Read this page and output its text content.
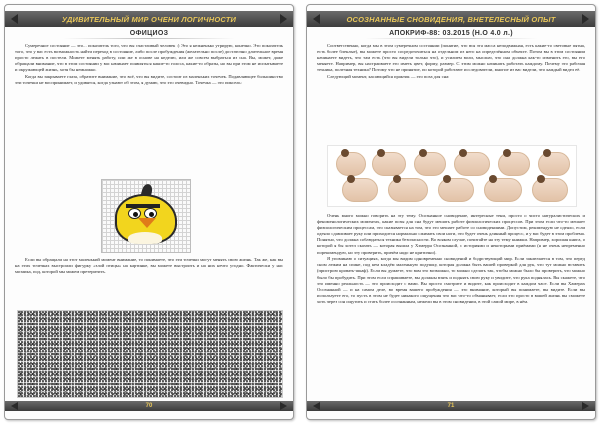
УДИВИТЕЛЬНЫЙ МИР ОЧЕНИ ЛОГИЧНОСТИ
ОФИЦИОЗ

Сумеречное состояние — это... показатель того, что вы счастливый человек :) Это я нежненько утрирую, конечно. Это показатель того, что у вас есть возможность найти переход в состояние, либо после пробуждения (желательно после) достаточно длительное время просто лежать в постели. Можете менять работу, или же в основе на неделю, или же совсем выбраться из сна. Вы, может, даже обращали внимание, что в этом состоянии у вас начинает появляться какие-то голоса, какие-то образы, но вы при этом не испытываете и окружающей жизнь, хотя бы немножко.

Когда вы закрываете глаза, обратите внимание, что всё, что вы видите, состоит из маленьких точечек. Подавляющее большинство эти точечки не воспринимает, и удивятся, когда узнают об этом, я думаю, что это очевидно. Точечка — это пиксель:

Если вы обращали на этот маленький момент внимание, то понимаете, что эти точечки могут менять свою жизнь. Так же, как вы на этих точечках выстроили фигурку «злой птицы» на картинке, вы можете выстроить и на них нечто угодно. Фактически у нас мозаика, под, которой мы можем претеритить.

70
ОСОЗНАННЫЕ СНОВИДЕНИЯ, ВНЕТЕЛЕСНЫЙ ОПЫТ
АПОКРИФ-88: 03.2015 (Н.О 4.0 л.)

Соответственно, когда мы в этом сумеречном состоянии (понятие, что вся эта масса неподвижная, есть какие-то световые пятна, есть более блеклые), вы можете просто сосредоточиться на отдельном из него на определённом объекте. Потом вы в этом состоянии начинаете видеть, что там есть (что вы видели только что), и усилием воли, мыслью, что она должна как-то изменить его, вы его меняете. Например, вы настраиваете его иметь цвет, форму, размер. С этим можно начинать работать каждому. Почему это рабочая техника, полезная техника? Потому что не принятие, по которой работают исследователи, многие из вас видели, что каждый видел её.

Следующий момент, касающийся практик — это поза для сна:

Очень много можно говорить на эту тему. Осознанное сновидение, интересные тени, просто о чисто натуралистических и феноменологических моментах, какие позы для сна будут мешать работе физиологических процессов. При этом если что-то мешает физиологическим процессам, это сказывается на том, что это мешает работе со сновидениями. Допустим, рекомендую не одеяло, если одеяло сдавливает руку или приходится нормально сжимать свои ноги, это будет очень длинный процесс, и у вас будет в этом проблема. Понятно, что должна соблюдаться техника безопасности. Во всяком случае, почитайте на эту тему книжки. Например, хорошая книга, о которой я бы хотел сказать — которая вышла у Хэмерра Осознанной, с историями и некоторыми приёмами (я не очень непременно порекомендую, но эту проверить, причём надо не критично).

Я упоминаю о ситуациях, когда мы видим одновременно сновидений и бодрствующий мир. Если заключается в том, что перед сном лежим на спине, под кем кладём маленькую подушку, которая должна быть вашей проверкой для рук, что тут можно вставить (пристрою кровать-шкаф). Если вы думаете, что вам это возможно, то можно сделать так, чтобы можно было бы проверить, что можно было бы пробудить. При этом если спрашиваете, вы должны взять и поднять свою руку и увидите, что рука поднялась. Вы скажете, что это именно реальность — это происходит с вами. Вы просто смотрите и видите, как происходит в каждом часе. Если вы Хамерах Осознанной — и на самом деле, во время вашего пробуждения — это внимание, который вы понимаете, вы видите. Если вы используете его, то пусть в этом не будет никакого ощущения что вас что-то обманывает, если это просто в вашей жизнь вы сможете хоть через сон ощутить и стать более осознанным, нежели вы в этом сновидении, в этой самой мире, в нём.

71
